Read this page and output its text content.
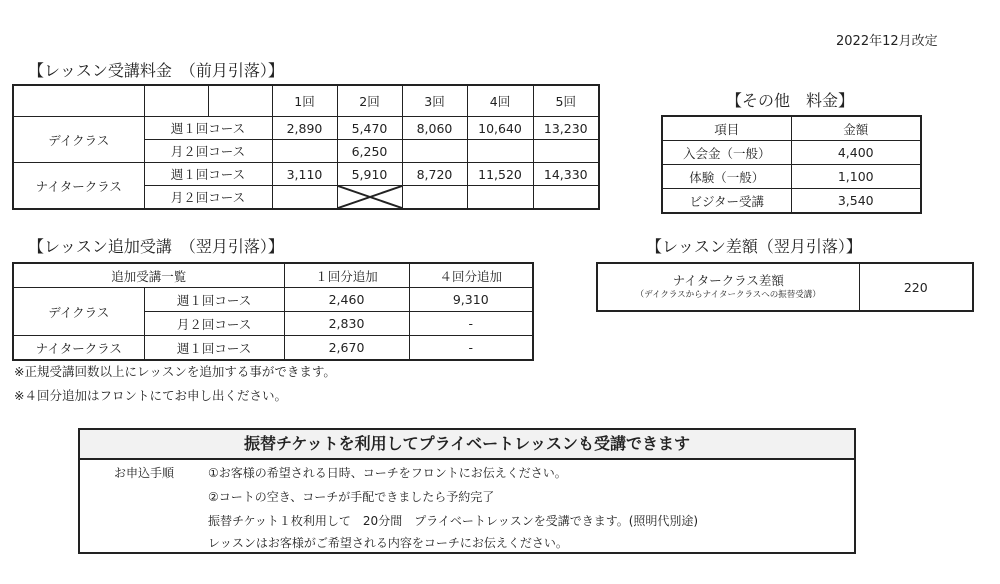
2022年12月改定
【レッスン受講料金　（前月引落）】
			1回	2回	3回	4回	5回
デイクラス	週１回コース		2,890	5,470	8,060	10,640	13,230
	月２回コース			6,250			
ナイタークラス	週１回コース		3,110	5,910	8,720	11,520	14,330
	月２回コース		

【その他　料金】
項目	金額
入会金（一般）	4,400
体験（一般）	1,100
ビジター受講	3,540
【レッスン追加受講　（翌月引落）】
追加受講一覧		１回分追加	４回分追加
デイクラス	週１回コース	2,460	9,310
	月２回コース	2,830	-
ナイタークラス	週１回コース	2,670	-
※正規受講回数以上にレッスンを追加する事ができます。
※４回分追加はフロントにてお申し出ください。
【レッスン差額（翌月引落）】
ナイタークラス差額
（デイクラスからナイタークラスへの振替受講）
	220
振替チケットを利用してプライベートレッスンも受講できます
お申込手順	①お客様の希望される日時、コーチをフロントにお伝えください。
②コートの空き、コーチが手配できましたら予約完了
振替チケット１枚利用して　20分間　プライベートレッスンを受講できます。(照明代別途)
レッスンはお客様がご希望される内容をコーチにお伝えください。
